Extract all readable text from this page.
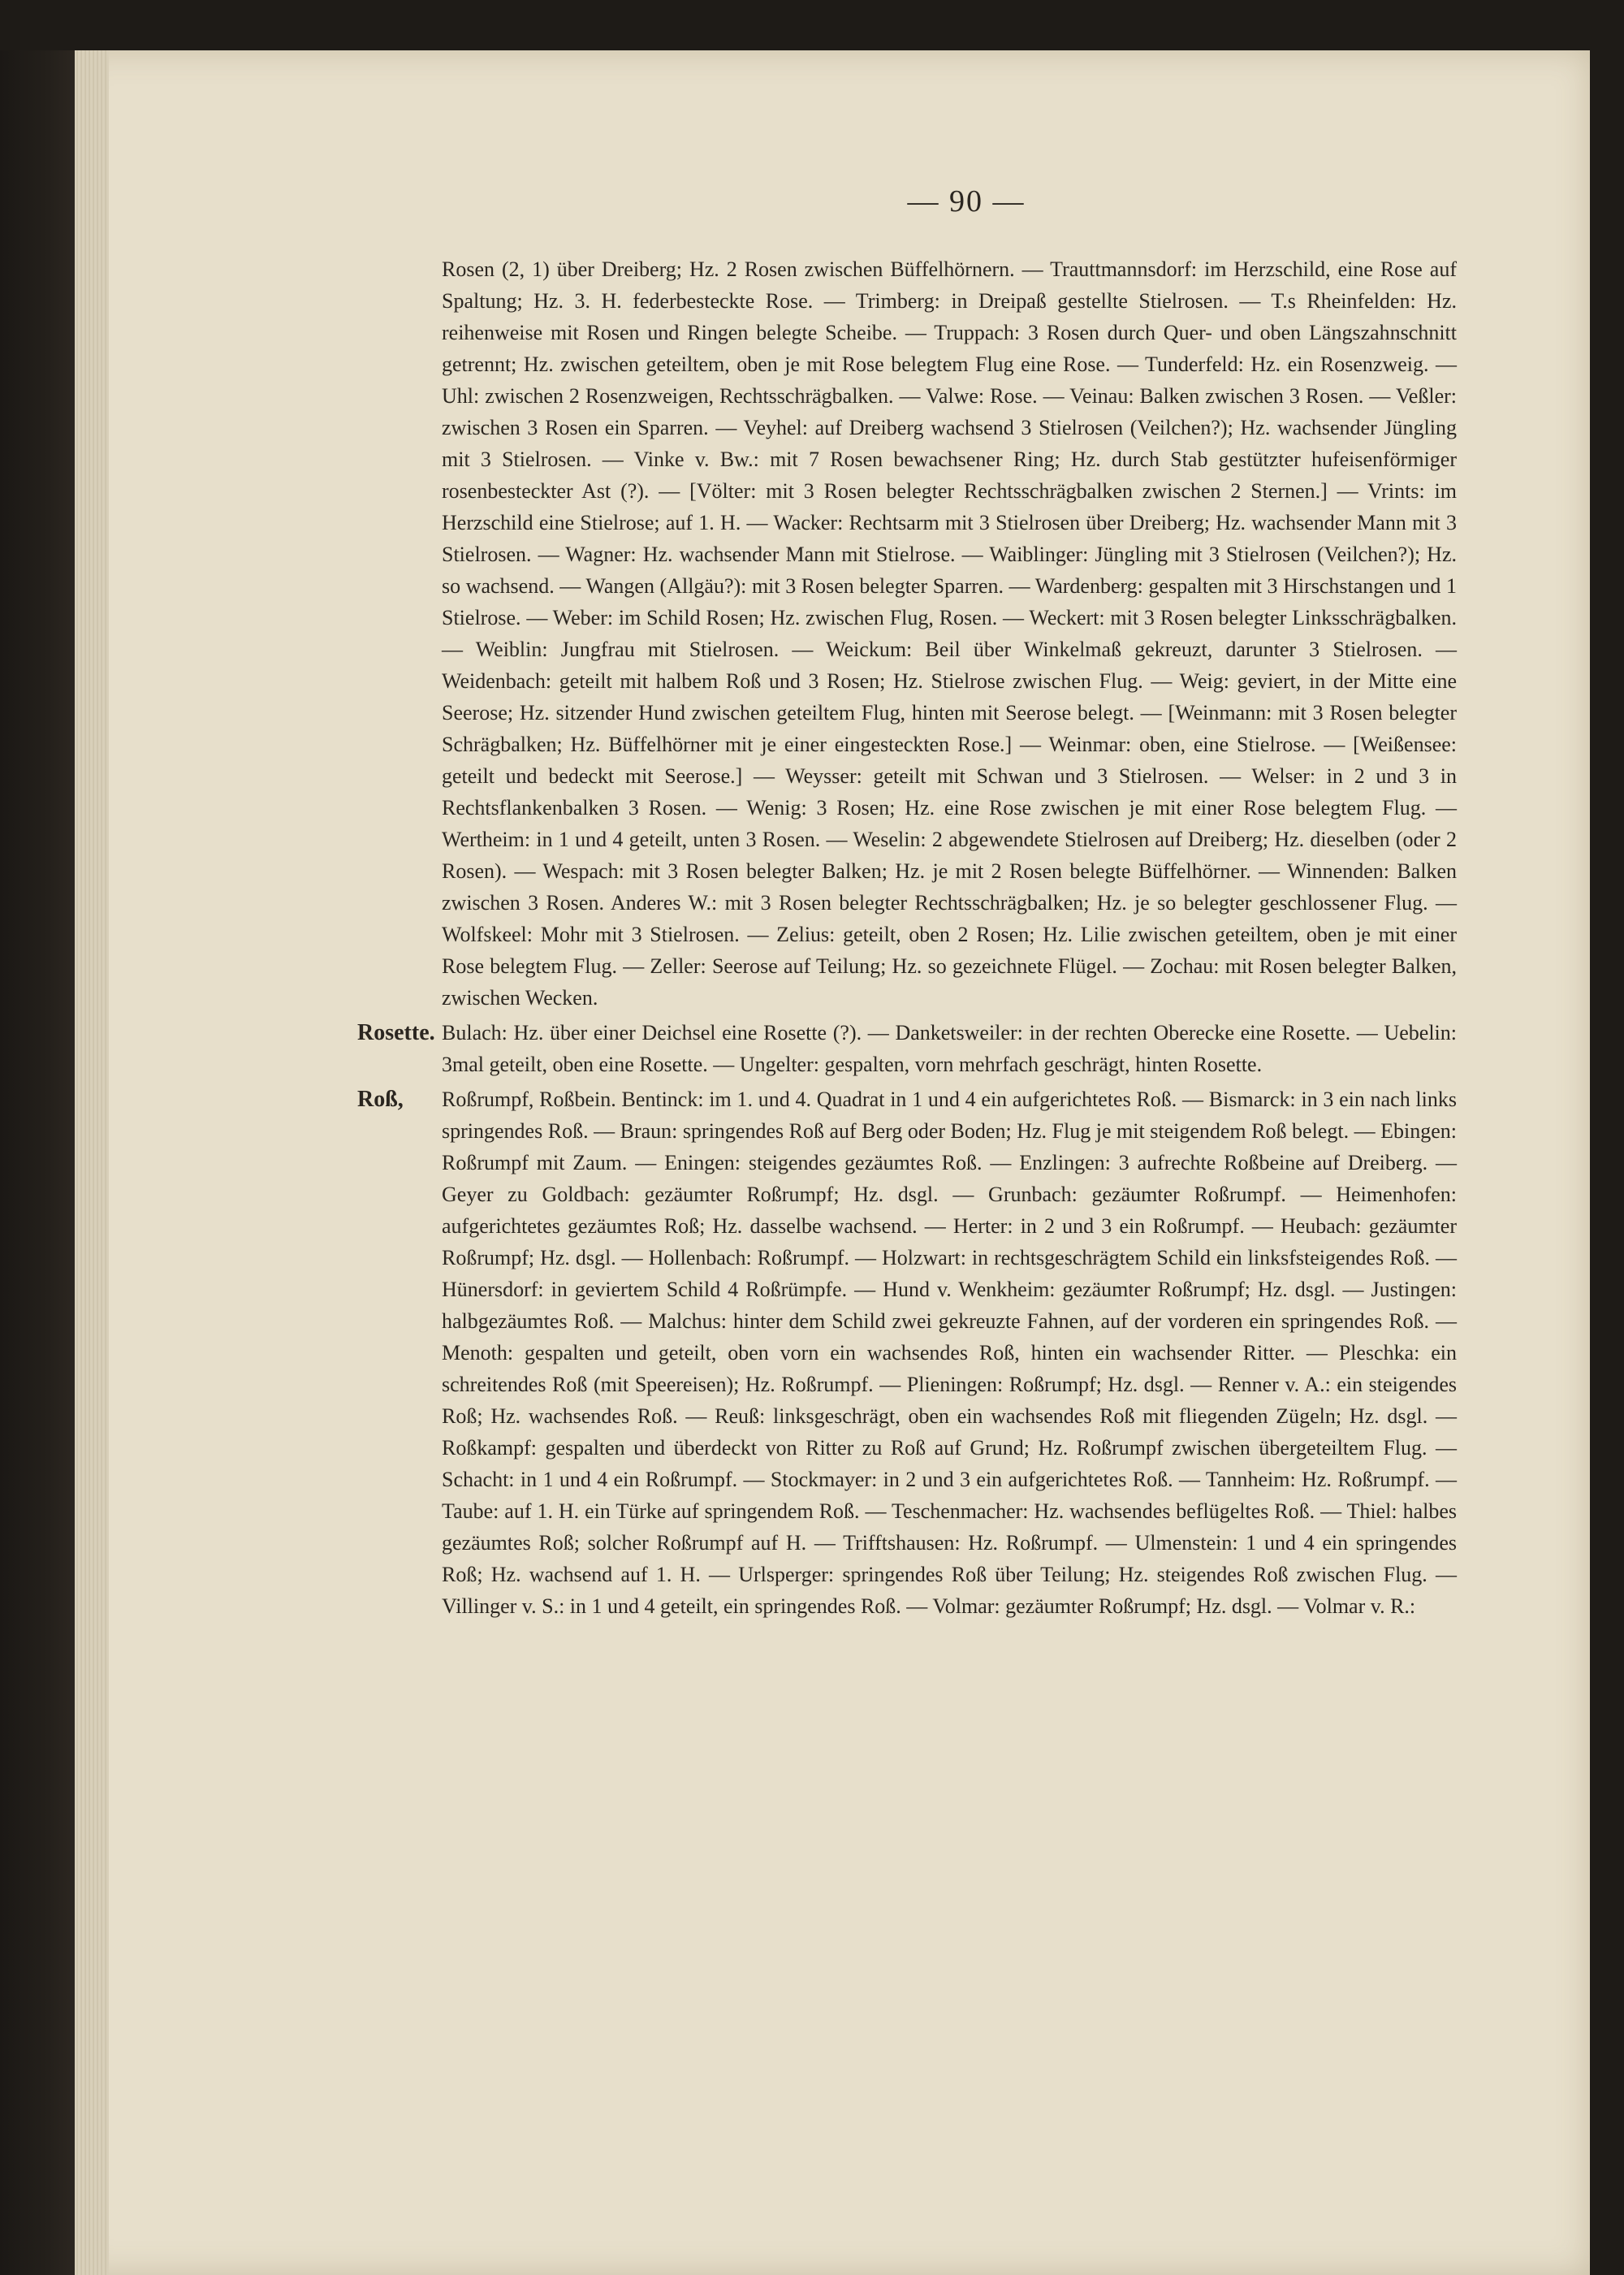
— 90 —

Rosen (2, 1) über Dreiberg; Hz. 2 Rosen zwischen Büffelhörnern. — Trauttmannsdorf: im Herzschild, eine Rose auf Spaltung; Hz. 3. H. federbesteckte Rose. — Trimberg: in Dreipaß gestellte Stielrosen. — T.s Rheinfelden: Hz. reihenweise mit Rosen und Ringen belegte Scheibe. — Truppach: 3 Rosen durch Quer- und oben Längszahnschnitt getrennt; Hz. zwischen geteiltem, oben je mit Rose belegtem Flug eine Rose. — Tunderfeld: Hz. ein Rosenzweig. — Uhl: zwischen 2 Rosenzweigen, Rechtsschrägbalken. — Valwe: Rose. — Veinau: Balken zwischen 3 Rosen. — Veßler: zwischen 3 Rosen ein Sparren. — Veyhel: auf Dreiberg wachsend 3 Stielrosen (Veilchen?); Hz. wachsender Jüngling mit 3 Stielrosen. — Vinke v. Bw.: mit 7 Rosen bewachsener Ring; Hz. durch Stab gestützter hufeisenförmiger rosenbesteckter Ast (?). — [Völter: mit 3 Rosen belegter Rechtsschrägbalken zwischen 2 Sternen.] — Vrints: im Herzschild eine Stielrose; auf 1. H. — Wacker: Rechtsarm mit 3 Stielrosen über Dreiberg; Hz. wachsender Mann mit 3 Stielrosen. — Wagner: Hz. wachsender Mann mit Stielrose. — Waiblinger: Jüngling mit 3 Stielrosen (Veilchen?); Hz. so wachsend. — Wangen (Allgäu?): mit 3 Rosen belegter Sparren. — Wardenberg: gespalten mit 3 Hirschstangen und 1 Stielrose. — Weber: im Schild Rosen; Hz. zwischen Flug, Rosen. — Weckert: mit 3 Rosen belegter Linksschrägbalken. — Weiblin: Jungfrau mit Stielrosen. — Weickum: Beil über Winkelmaß gekreuzt, darunter 3 Stielrosen. — Weidenbach: geteilt mit halbem Roß und 3 Rosen; Hz. Stielrose zwischen Flug. — Weig: geviert, in der Mitte eine Seerose; Hz. sitzender Hund zwischen geteiltem Flug, hinten mit Seerose belegt. — [Weinmann: mit 3 Rosen belegter Schrägbalken; Hz. Büffelhörner mit je einer eingesteckten Rose.] — Weinmar: oben, eine Stielrose. — [Weißensee: geteilt und bedeckt mit Seerose.] — Weysser: geteilt mit Schwan und 3 Stielrosen. — Welser: in 2 und 3 in Rechtsflankenbalken 3 Rosen. — Wenig: 3 Rosen; Hz. eine Rose zwischen je mit einer Rose belegtem Flug. — Wertheim: in 1 und 4 geteilt, unten 3 Rosen. — Weselin: 2 abgewendete Stielrosen auf Dreiberg; Hz. dieselben (oder 2 Rosen). — Wespach: mit 3 Rosen belegter Balken; Hz. je mit 2 Rosen belegte Büffelhörner. — Winnenden: Balken zwischen 3 Rosen. Anderes W.: mit 3 Rosen belegter Rechtsschrägbalken; Hz. je so belegter geschlossener Flug. — Wolfskeel: Mohr mit 3 Stielrosen. — Zelius: geteilt, oben 2 Rosen; Hz. Lilie zwischen geteiltem, oben je mit einer Rose belegtem Flug. — Zeller: Seerose auf Teilung; Hz. so gezeichnete Flügel. — Zochau: mit Rosen belegter Balken, zwischen Wecken.

Rosette. Bulach: Hz. über einer Deichsel eine Rosette (?). — Danketsweiler: in der rechten Oberecke eine Rosette. — Uebelin: 3mal geteilt, oben eine Rosette. — Ungelter: gespalten, vorn mehrfach geschrägt, hinten Rosette.

Roß, Roßrumpf, Roßbein. Bentinck: im 1. und 4. Quadrat in 1 und 4 ein aufgerichtetes Roß. — Bismarck: in 3 ein nach links springendes Roß. — Braun: springendes Roß auf Berg oder Boden; Hz. Flug je mit steigendem Roß belegt. — Ebingen: Roßrumpf mit Zaum. — Eningen: steigendes gezäumtes Roß. — Enzlingen: 3 aufrechte Roßbeine auf Dreiberg. — Geyer zu Goldbach: gezäumter Roßrumpf; Hz. dsgl. — Grunbach: gezäumter Roßrumpf. — Heimenhofen: aufgerichtetes gezäumtes Roß; Hz. dasselbe wachsend. — Herter: in 2 und 3 ein Roßrumpf. — Heubach: gezäumter Roßrumpf; Hz. dsgl. — Hollenbach: Roßrumpf. — Holzwart: in rechtsgeschrägtem Schild ein linksfsteigendes Roß. — Hünersdorf: in geviertem Schild 4 Roßrümpfe. — Hund v. Wenkheim: gezäumter Roßrumpf; Hz. dsgl. — Justingen: halbgezäumtes Roß. — Malchus: hinter dem Schild zwei gekreuzte Fahnen, auf der vorderen ein springendes Roß. — Menoth: gespalten und geteilt, oben vorn ein wachsendes Roß, hinten ein wachsender Ritter. — Pleschka: ein schreitendes Roß (mit Speereisen); Hz. Roßrumpf. — Plieningen: Roßrumpf; Hz. dsgl. — Renner v. A.: ein steigendes Roß; Hz. wachsendes Roß. — Reuß: linksgeschrägt, oben ein wachsendes Roß mit fliegenden Zügeln; Hz. dsgl. — Roßkampf: gespalten und überdeckt von Ritter zu Roß auf Grund; Hz. Roßrumpf zwischen übergeteiltem Flug. — Schacht: in 1 und 4 ein Roßrumpf. — Stockmayer: in 2 und 3 ein aufgerichtetes Roß. — Tannheim: Hz. Roßrumpf. — Taube: auf 1. H. ein Türke auf springendem Roß. — Teschenmacher: Hz. wachsendes beflügeltes Roß. — Thiel: halbes gezäumtes Roß; solcher Roßrumpf auf H. — Trifftshausen: Hz. Roßrumpf. — Ulmenstein: 1 und 4 ein springendes Roß; Hz. wachsend auf 1. H. — Urlsperger: springendes Roß über Teilung; Hz. steigendes Roß zwischen Flug. — Villinger v. S.: in 1 und 4 geteilt, ein springendes Roß. — Volmar: gezäumter Roßrumpf; Hz. dsgl. — Volmar v. R.:
